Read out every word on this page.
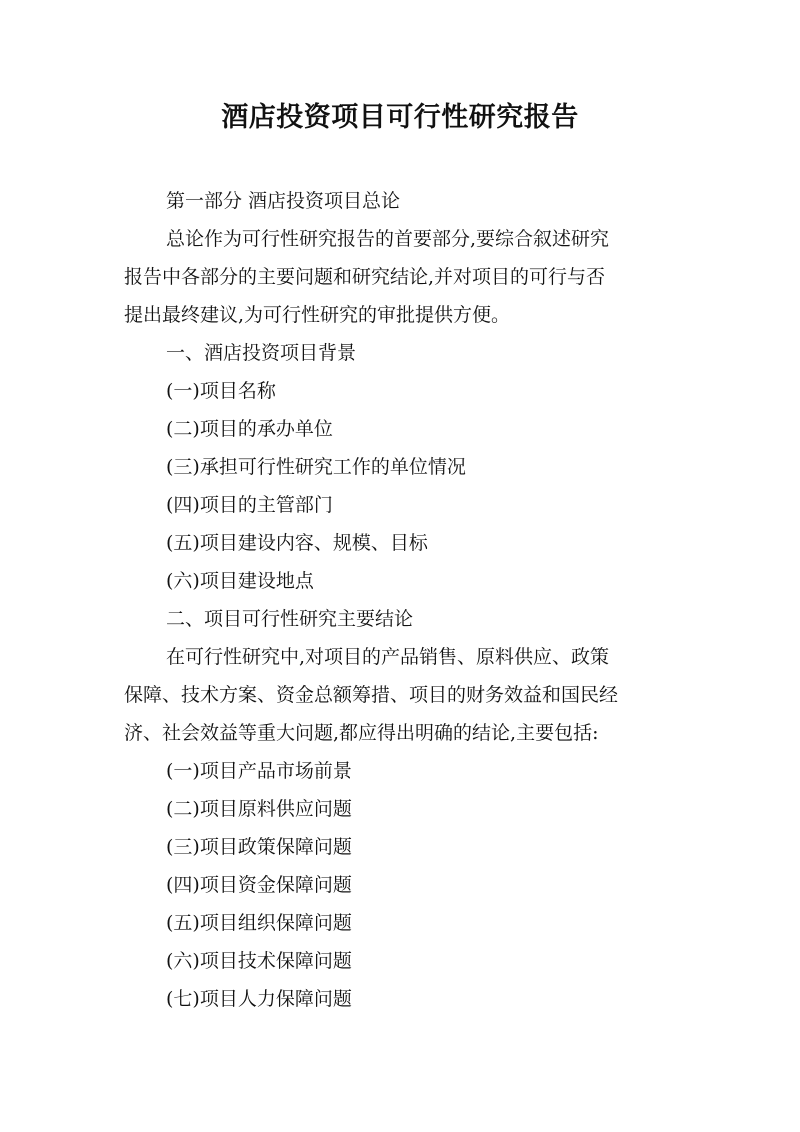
酒店投资项目可行性研究报告
第一部分 酒店投资项目总论
总论作为可行性研究报告的首要部分,要综合叙述研究
报告中各部分的主要问题和研究结论,并对项目的可行与否
提出最终建议,为可行性研究的审批提供方便。
一、酒店投资项目背景
(一)项目名称
(二)项目的承办单位
(三)承担可行性研究工作的单位情况
(四)项目的主管部门
(五)项目建设内容、规模、目标
(六)项目建设地点
二、项目可行性研究主要结论
在可行性研究中,对项目的产品销售、原料供应、政策
保障、技术方案、资金总额筹措、项目的财务效益和国民经
济、社会效益等重大问题,都应得出明确的结论,主要包括:
(一)项目产品市场前景
(二)项目原料供应问题
(三)项目政策保障问题
(四)项目资金保障问题
(五)项目组织保障问题
(六)项目技术保障问题
(七)项目人力保障问题
